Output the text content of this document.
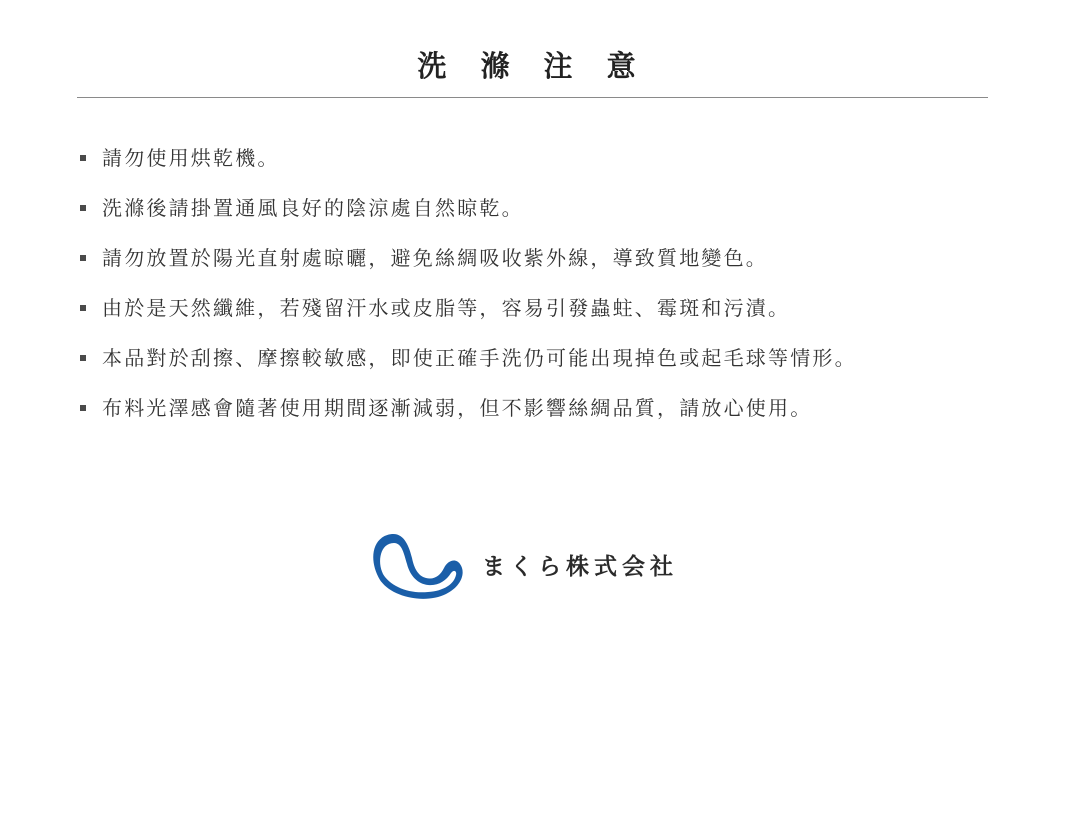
洗 滌 注 意
請勿使用烘乾機。
洗滌後請掛置通風良好的陰涼處自然晾乾。
請勿放置於陽光直射處晾曬，避免絲綢吸收紫外線，導致質地變色。
由於是天然纖維，若殘留汗水或皮脂等，容易引發蟲蛀、霉斑和污漬。
本品對於刮擦、摩擦較敏感，即使正確手洗仍可能出現掉色或起毛球等情形。
布料光澤感會隨著使用期間逐漸減弱，但不影響絲綢品質，請放心使用。
まくら株式会社
